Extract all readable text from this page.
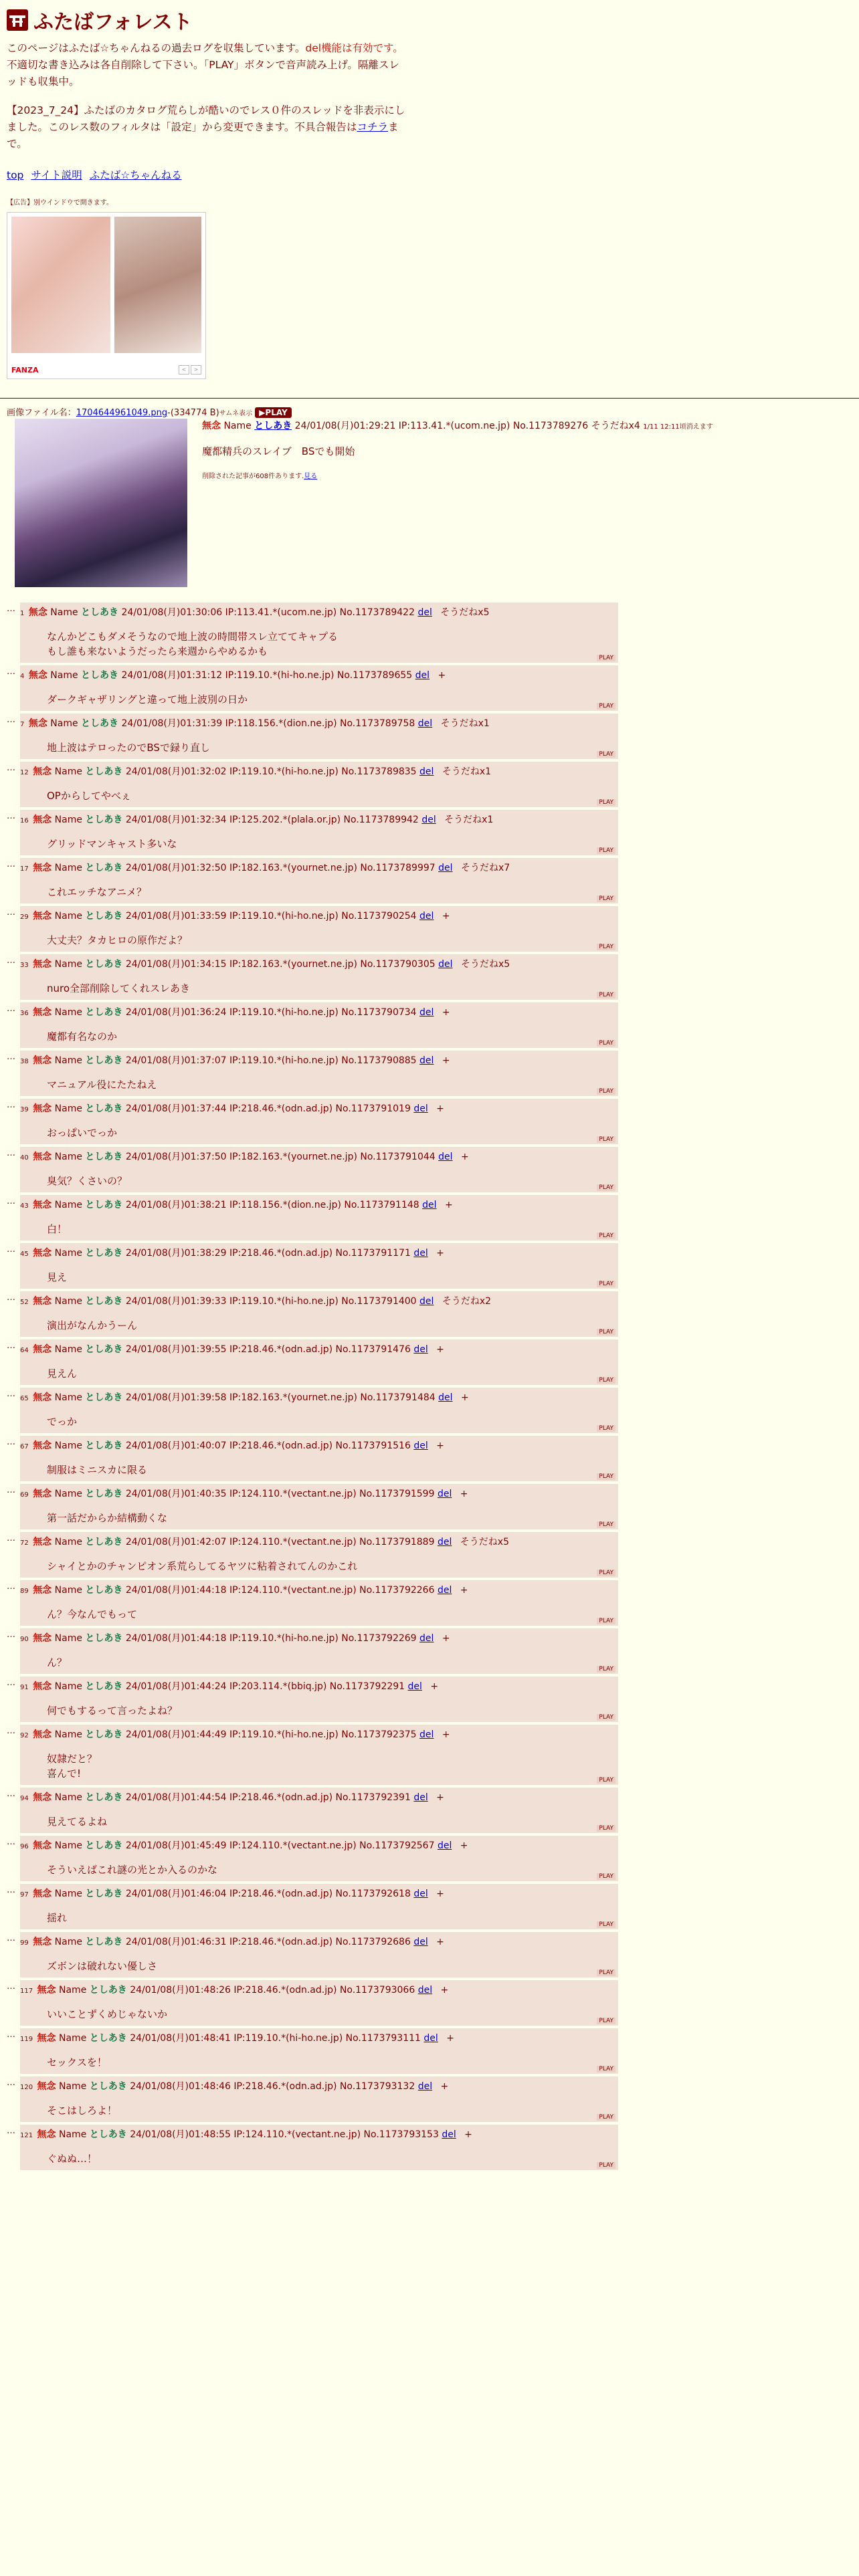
ふたばフォレスト
このページはふたば☆ちゃんねるの過去ログを収集しています。del機能は有効です。不適切な書き込みは各自削除して下さい。「PLAY」ボタンで音声読み上げ。隔離スレッドも収集中。
【2023_7_24】ふたばのカタログ荒らしが酷いのでレス０件のスレッドを非表示にしました。このレス数のフィルタは「設定」から変更できます。不具合報告はコチラまで。
top サイト説明 ふたば☆ちゃんねる
【広告】別ウインドウで開きます。
FANZA	<	>
画像ファイル名：1704644961049.png-(334774 B)サムネ表示 ▶PLAY
無念 Name としあき 24/01/08(月)01:29:21 IP:113.41.*(ucom.ne.jp) No.1173789276 そうだねx4 1/11 12:11頃消えます
魔都精兵のスレイブ　BSでも開始
削除された記事が608件あります.見る
… 1 無念 Name としあき 24/01/08(月)01:30:06 IP:113.41.*(ucom.ne.jp) No.1173789422 del そうだねx5
なんかどこもダメそうなので地上波の時間帯スレ立ててキャプる
もし誰も来ないようだったら来週からやめるかも
PLAY
… 4 無念 Name としあき 24/01/08(月)01:31:12 IP:119.10.*(hi-ho.ne.jp) No.1173789655 del +
ダークギャザリングと違って地上波別の日か
PLAY
… 7 無念 Name としあき 24/01/08(月)01:31:39 IP:118.156.*(dion.ne.jp) No.1173789758 del そうだねx1
地上波はテロったのでBSで録り直し
PLAY
… 12 無念 Name としあき 24/01/08(月)01:32:02 IP:119.10.*(hi-ho.ne.jp) No.1173789835 del そうだねx1
OPからしてやべぇ
PLAY
… 16 無念 Name としあき 24/01/08(月)01:32:34 IP:125.202.*(plala.or.jp) No.1173789942 del そうだねx1
グリッドマンキャスト多いな
PLAY
… 17 無念 Name としあき 24/01/08(月)01:32:50 IP:182.163.*(yournet.ne.jp) No.1173789997 del そうだねx7
これエッチなアニメ？
PLAY
… 29 無念 Name としあき 24/01/08(月)01:33:59 IP:119.10.*(hi-ho.ne.jp) No.1173790254 del +
大丈夫？タカヒロの原作だよ？
PLAY
… 33 無念 Name としあき 24/01/08(月)01:34:15 IP:182.163.*(yournet.ne.jp) No.1173790305 del そうだねx5
nuro全部削除してくれスレあき
PLAY
… 36 無念 Name としあき 24/01/08(月)01:36:24 IP:119.10.*(hi-ho.ne.jp) No.1173790734 del +
魔都有名なのか
PLAY
… 38 無念 Name としあき 24/01/08(月)01:37:07 IP:119.10.*(hi-ho.ne.jp) No.1173790885 del +
マニュアル役にたたねえ
PLAY
… 39 無念 Name としあき 24/01/08(月)01:37:44 IP:218.46.*(odn.ad.jp) No.1173791019 del +
おっぱいでっか
PLAY
… 40 無念 Name としあき 24/01/08(月)01:37:50 IP:182.163.*(yournet.ne.jp) No.1173791044 del +
臭気？くさいの？
PLAY
… 43 無念 Name としあき 24/01/08(月)01:38:21 IP:118.156.*(dion.ne.jp) No.1173791148 del +
白！
PLAY
… 45 無念 Name としあき 24/01/08(月)01:38:29 IP:218.46.*(odn.ad.jp) No.1173791171 del +
見え
PLAY
… 52 無念 Name としあき 24/01/08(月)01:39:33 IP:119.10.*(hi-ho.ne.jp) No.1173791400 del そうだねx2
演出がなんかうーん
PLAY
… 64 無念 Name としあき 24/01/08(月)01:39:55 IP:218.46.*(odn.ad.jp) No.1173791476 del +
見えん
PLAY
… 65 無念 Name としあき 24/01/08(月)01:39:58 IP:182.163.*(yournet.ne.jp) No.1173791484 del +
でっか
PLAY
… 67 無念 Name としあき 24/01/08(月)01:40:07 IP:218.46.*(odn.ad.jp) No.1173791516 del +
制服はミニスカに限る
PLAY
… 69 無念 Name としあき 24/01/08(月)01:40:35 IP:124.110.*(vectant.ne.jp) No.1173791599 del +
第一話だからか結構動くな
PLAY
… 72 無念 Name としあき 24/01/08(月)01:42:07 IP:124.110.*(vectant.ne.jp) No.1173791889 del そうだねx5
シャイとかのチャンピオン系荒らしてるヤツに粘着されてんのかこれ
PLAY
… 89 無念 Name としあき 24/01/08(月)01:44:18 IP:124.110.*(vectant.ne.jp) No.1173792266 del +
ん？今なんでもって
PLAY
… 90 無念 Name としあき 24/01/08(月)01:44:18 IP:119.10.*(hi-ho.ne.jp) No.1173792269 del +
ん？
PLAY
… 91 無念 Name としあき 24/01/08(月)01:44:24 IP:203.114.*(bbiq.jp) No.1173792291 del +
何でもするって言ったよね？
PLAY
… 92 無念 Name としあき 24/01/08(月)01:44:49 IP:119.10.*(hi-ho.ne.jp) No.1173792375 del +
奴隷だと？
喜んで!
PLAY
… 94 無念 Name としあき 24/01/08(月)01:44:54 IP:218.46.*(odn.ad.jp) No.1173792391 del +
見えてるよね
PLAY
… 96 無念 Name としあき 24/01/08(月)01:45:49 IP:124.110.*(vectant.ne.jp) No.1173792567 del +
そういえばこれ謎の光とか入るのかな
PLAY
… 97 無念 Name としあき 24/01/08(月)01:46:04 IP:218.46.*(odn.ad.jp) No.1173792618 del +
揺れ
PLAY
… 99 無念 Name としあき 24/01/08(月)01:46:31 IP:218.46.*(odn.ad.jp) No.1173792686 del +
ズボンは破れない優しさ
PLAY
… 117 無念 Name としあき 24/01/08(月)01:48:26 IP:218.46.*(odn.ad.jp) No.1173793066 del +
いいことずくめじゃないか
PLAY
… 119 無念 Name としあき 24/01/08(月)01:48:41 IP:119.10.*(hi-ho.ne.jp) No.1173793111 del +
セックスを！
PLAY
… 120 無念 Name としあき 24/01/08(月)01:48:46 IP:218.46.*(odn.ad.jp) No.1173793132 del +
そこはしろよ！
PLAY
… 121 無念 Name としあき 24/01/08(月)01:48:55 IP:124.110.*(vectant.ne.jp) No.1173793153 del +
ぐぬぬ…！
PLAY
